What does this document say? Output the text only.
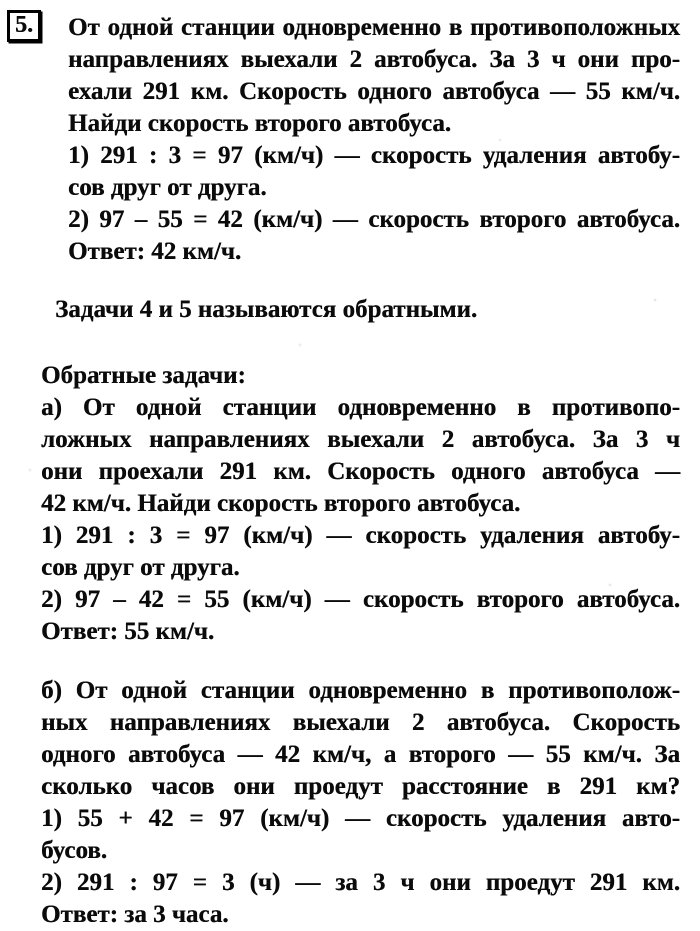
5.	От одной станции одновременно в противоположных
направлениях выехали 2 автобуса. За 3 ч они про-
ехали 291 км. Скорость одного автобуса — 55 км/ч.
Найди скорость второго автобуса.
1) 291 : 3 = 97 (км/ч) — скорость удаления автобу-
сов друг от друга.
2) 97 – 55 = 42 (км/ч) — скорость второго автобуса.
Ответ: 42 км/ч.
Задачи 4 и 5 называются обратными.
Обратные задачи:
а) От одной станции одновременно в противопо-
ложных направлениях выехали 2 автобуса. За 3 ч
они проехали 291 км. Скорость одного автобуса —
42 км/ч. Найди скорость второго автобуса.
1) 291 : 3 = 97 (км/ч) — скорость удаления автобу-
сов друг от друга.
2) 97 – 42 = 55 (км/ч) — скорость второго автобуса.
Ответ: 55 км/ч.
б) От одной станции одновременно в противополож-
ных направлениях выехали 2 автобуса. Скорость
одного автобуса — 42 км/ч, а второго — 55 км/ч. За
сколько часов они проедут расстояние в 291 км?
1) 55 + 42 = 97 (км/ч) — скорость удаления авто-
бусов.
2) 291 : 97 = 3 (ч) — за 3 ч они проедут 291 км.
Ответ: за 3 часа.
